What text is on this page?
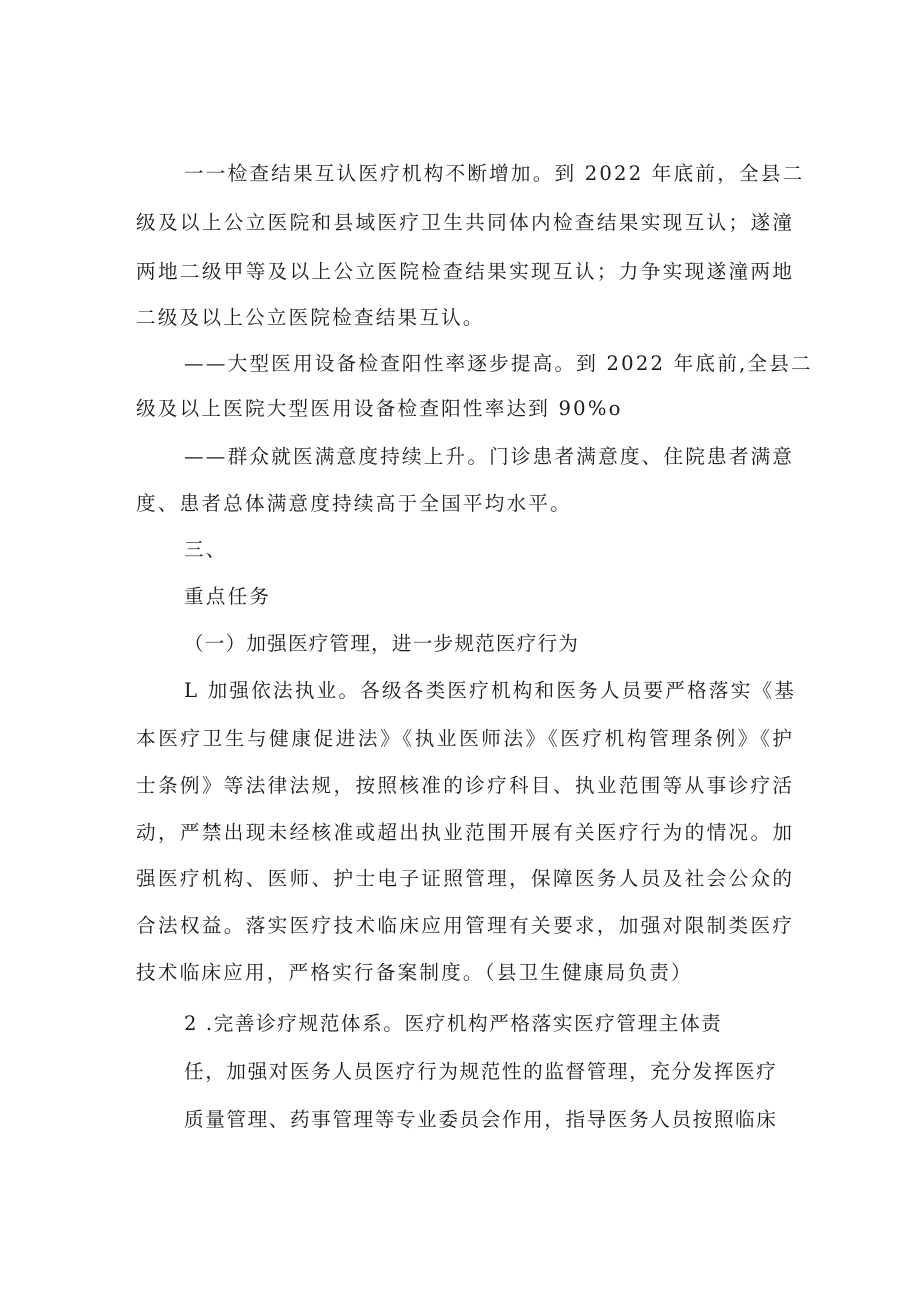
一一检查结果互认医疗机构不断增加。到 2022 年底前，全县二
级及以上公立医院和县域医疗卫生共同体内检查结果实现互认；遂潼
两地二级甲等及以上公立医院检查结果实现互认；力争实现遂潼两地
二级及以上公立医院检查结果互认。
——大型医用设备检查阳性率逐步提高。到 2022 年底前,全县二
级及以上医院大型医用设备检查阳性率达到 90%o
——群众就医满意度持续上升。门诊患者满意度、住院患者满意
度、患者总体满意度持续高于全国平均水平。
三、
重点任务
（一）加强医疗管理，进一步规范医疗行为
L 加强依法执业。各级各类医疗机构和医务人员要严格落实《基
本医疗卫生与健康促进法》《执业医师法》《医疗机构管理条例》《护
士条例》等法律法规，按照核准的诊疗科目、执业范围等从事诊疗活
动，严禁出现未经核准或超出执业范围开展有关医疗行为的情况。加
强医疗机构、医师、护士电子证照管理，保障医务人员及社会公众的
合法权益。落实医疗技术临床应用管理有关要求，加强对限制类医疗
技术临床应用，严格实行备案制度。（县卫生健康局负责）
2 .完善诊疗规范体系。医疗机构严格落实医疗管理主体责
任，加强对医务人员医疗行为规范性的监督管理，充分发挥医疗
质量管理、药事管理等专业委员会作用，指导医务人员按照临床
